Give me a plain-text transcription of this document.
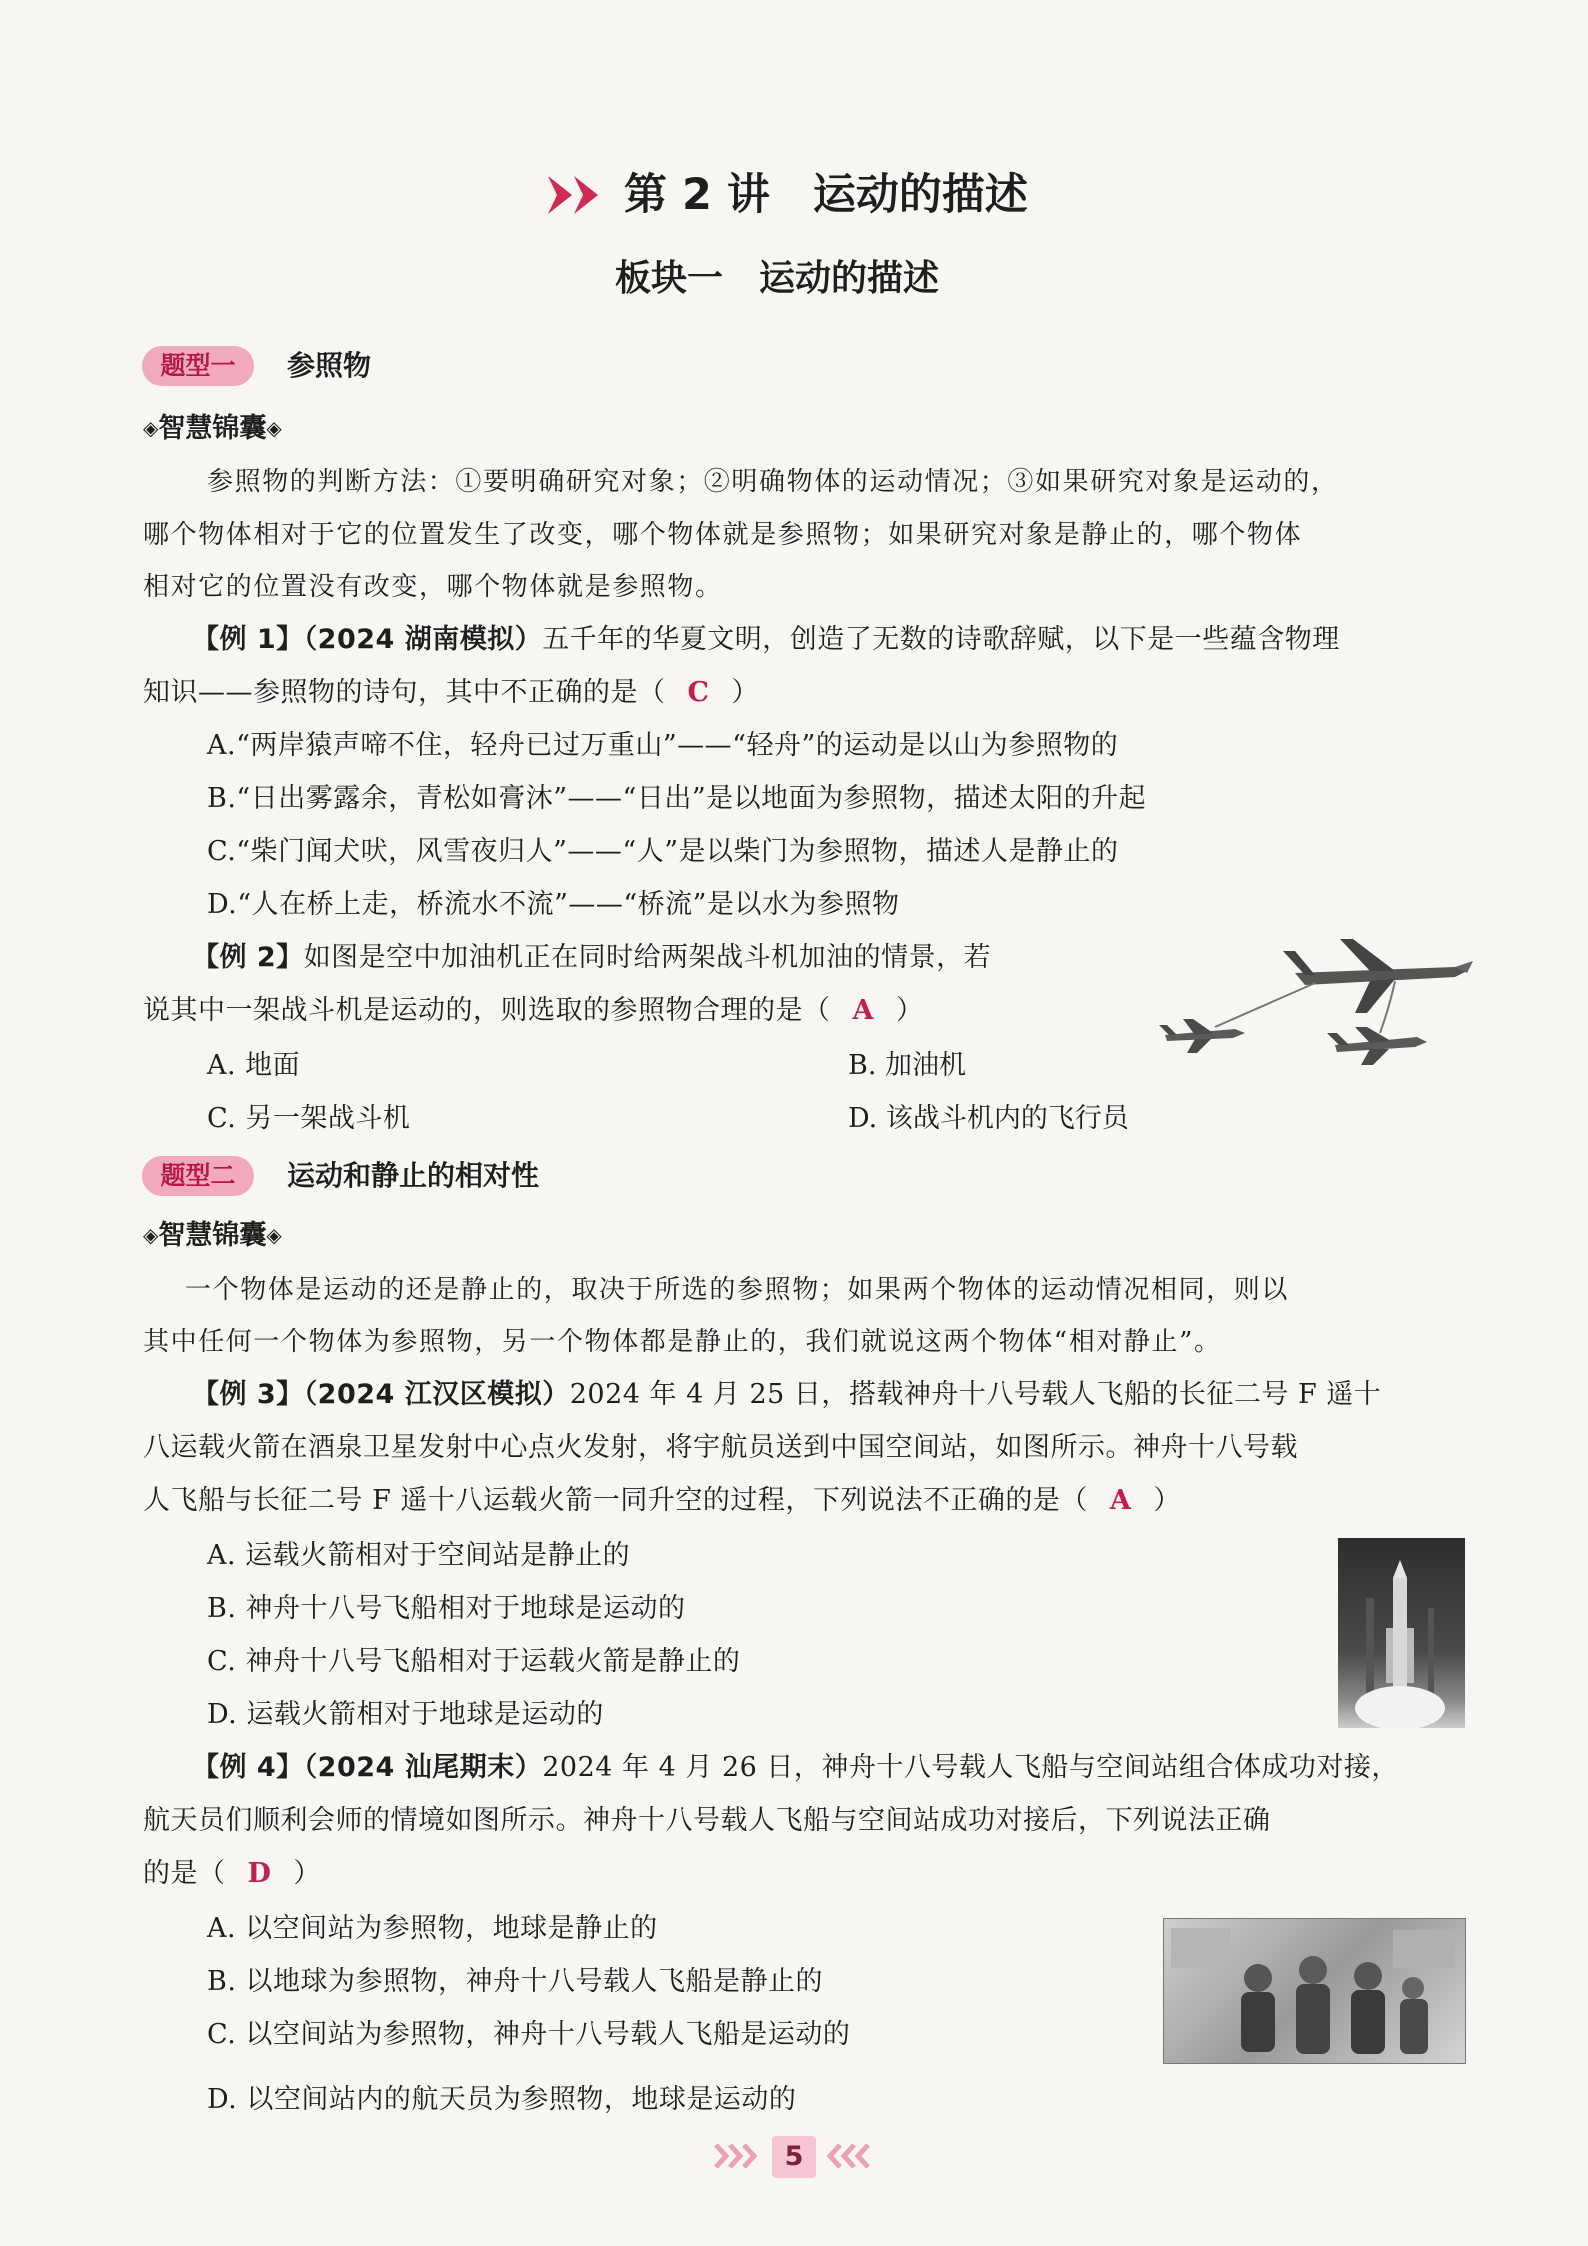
第 2 讲　运动的描述
板块一　运动的描述
题型一	参照物
◈智慧锦囊◈
参照物的判断方法：①要明确研究对象；②明确物体的运动情况；③如果研究对象是运动的，
哪个物体相对于它的位置发生了改变，哪个物体就是参照物；如果研究对象是静止的，哪个物体
相对它的位置没有改变，哪个物体就是参照物。
【例 1】（2024 湖南模拟）五千年的华夏文明，创造了无数的诗歌辞赋，以下是一些蕴含物理
知识——参照物的诗句，其中不正确的是（ C ）
A.“两岸猿声啼不住，轻舟已过万重山”——“轻舟”的运动是以山为参照物的
B.“日出雾露余，青松如膏沐”——“日出”是以地面为参照物，描述太阳的升起
C.“柴门闻犬吠，风雪夜归人”——“人”是以柴门为参照物，描述人是静止的
D.“人在桥上走，桥流水不流”——“桥流”是以水为参照物
【例 2】如图是空中加油机正在同时给两架战斗机加油的情景，若
说其中一架战斗机是运动的，则选取的参照物合理的是（ A ）
A. 地面	B. 加油机
C. 另一架战斗机	D. 该战斗机内的飞行员
题型二	运动和静止的相对性
◈智慧锦囊◈
一个物体是运动的还是静止的，取决于所选的参照物；如果两个物体的运动情况相同，则以
其中任何一个物体为参照物，另一个物体都是静止的，我们就说这两个物体“相对静止”。
【例 3】（2024 江汉区模拟）2024 年 4 月 25 日，搭载神舟十八号载人飞船的长征二号 F 遥十
八运载火箭在酒泉卫星发射中心点火发射，将宇航员送到中国空间站，如图所示。神舟十八号载
人飞船与长征二号 F 遥十八运载火箭一同升空的过程，下列说法不正确的是（ A ）
A. 运载火箭相对于空间站是静止的
B. 神舟十八号飞船相对于地球是运动的
C. 神舟十八号飞船相对于运载火箭是静止的
D. 运载火箭相对于地球是运动的
【例 4】（2024 汕尾期末）2024 年 4 月 26 日，神舟十八号载人飞船与空间站组合体成功对接，
航天员们顺利会师的情境如图所示。神舟十八号载人飞船与空间站成功对接后，下列说法正确
的是（ D ）
A. 以空间站为参照物，地球是静止的
B. 以地球为参照物，神舟十八号载人飞船是静止的
C. 以空间站为参照物，神舟十八号载人飞船是运动的
D. 以空间站内的航天员为参照物，地球是运动的
5
